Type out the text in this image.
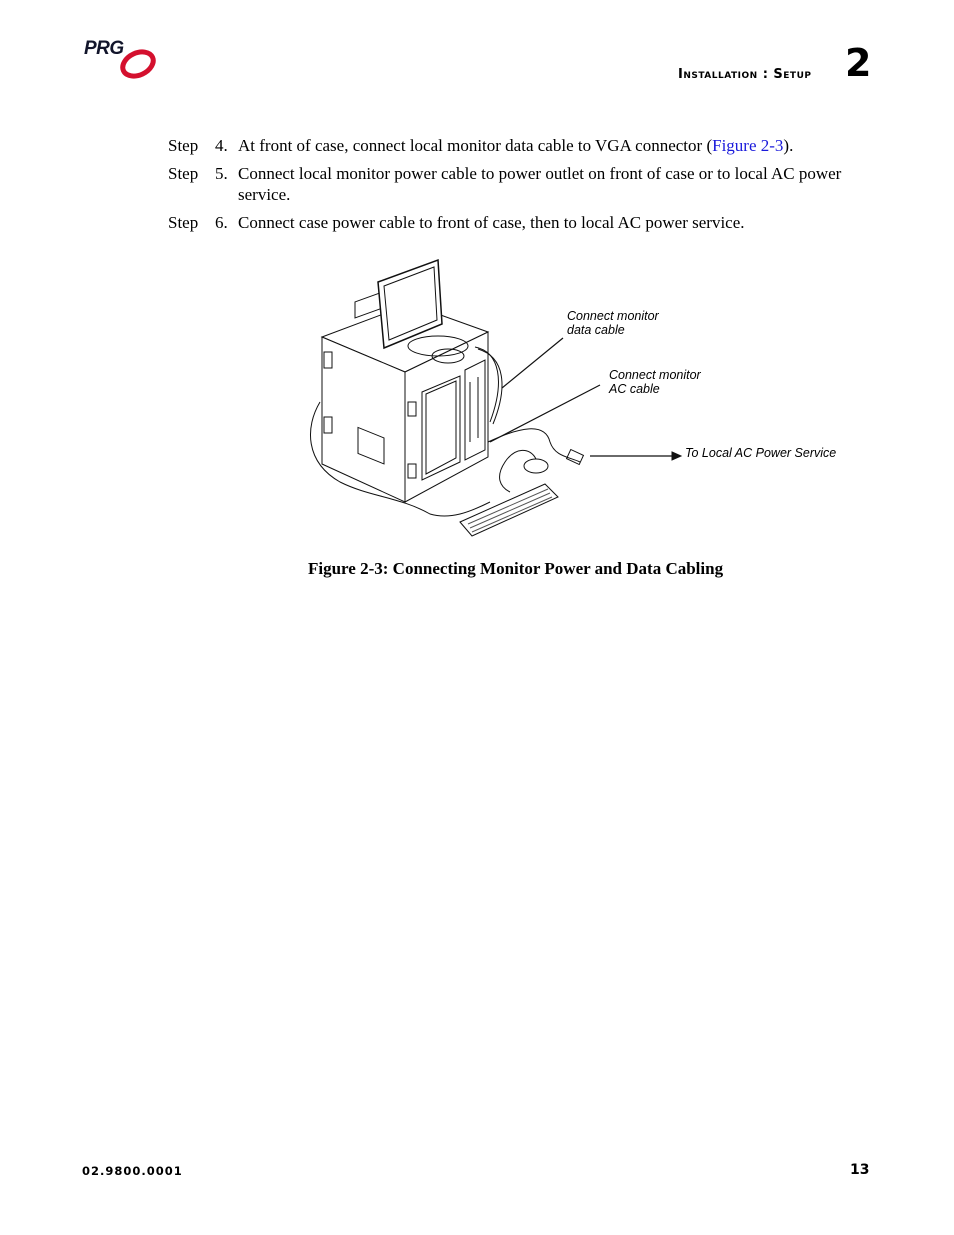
PRG
Installation : Setup 2
Step 4. At front of case, connect local monitor data cable to VGA connector (Figure 2-3).
Step 5. Connect local monitor power cable to power outlet on front of case or to local AC power service.
Step 6. Connect case power cable to front of case, then to local AC power service.
Connect monitor
data cable
Connect monitor
AC cable
To Local AC Power Service
Figure 2-3: Connecting Monitor Power and Data Cabling
02.9800.0001	13
